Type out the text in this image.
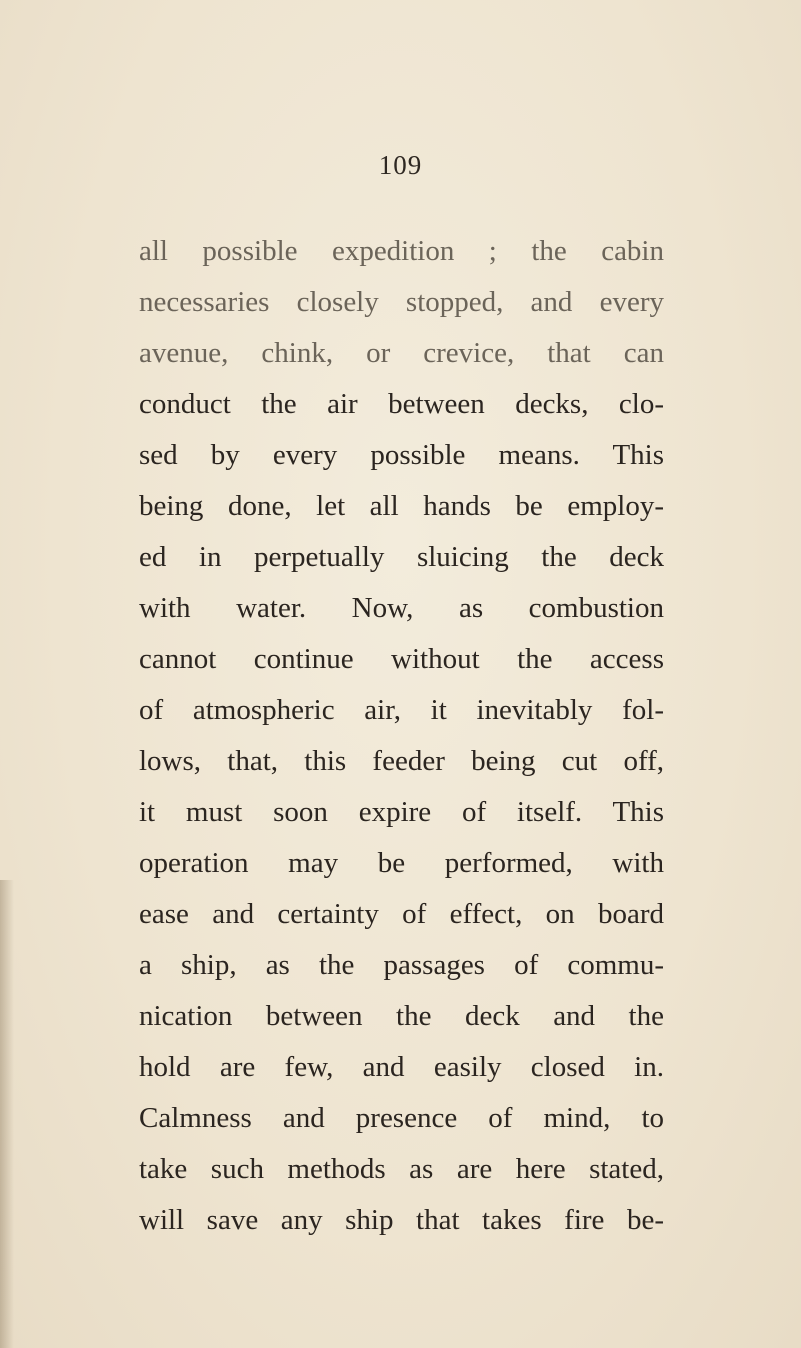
109
all possible expedition ; the cabin
necessaries closely stopped, and every
avenue, chink, or crevice, that can
conduct the air between decks, clo-
sed by every possible means. This
being done, let all hands be employ-
ed in perpetually sluicing the deck
with water. Now, as combustion
cannot continue without the access
of atmospheric air, it inevitably fol-
lows, that, this feeder being cut off,
it must soon expire of itself. This
operation may be performed, with
ease and certainty of effect, on board
a ship, as the passages of commu-
nication between the deck and the
hold are few, and easily closed in.
Calmness and presence of mind, to
take such methods as are here stated,
will save any ship that takes fire be-
